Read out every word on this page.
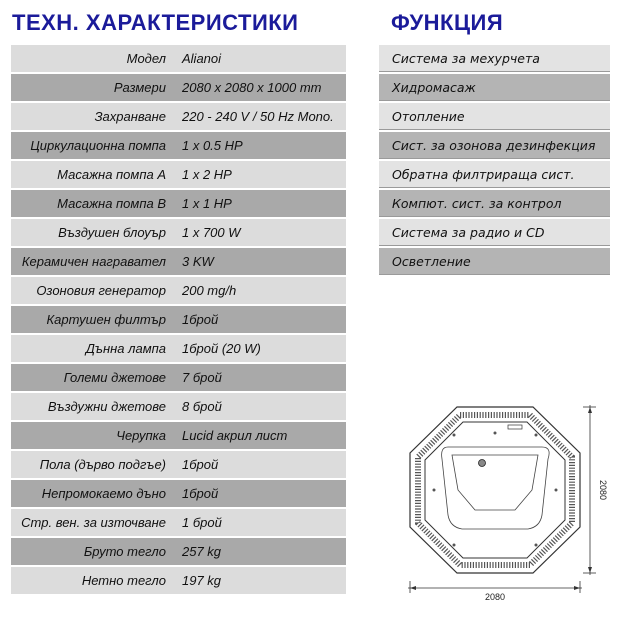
ТЕХН. ХАРАКТЕРИСТИКИ	ФУНКЦИЯ
Модел	Alianoi
Размери	2080 x 2080 x 1000 mm
Захранване	220 - 240 V / 50 Hz Mono.
Циркулационна помпа	1 x 0.5 HP
Масажна помпа А	1 x 2 HP
Масажна помпа В	1 x 1 HP
Въздушен блоуър	1 x 700 W
Керамичен награвател	3 KW
Озоновия генератор	200 mg/h
Картушен филтър	1брой
Дънна лампа	1брой (20 W)
Големи джетове	7 брой
Въздужни джетове	8 брой
Черупка	Lucid акрил лист
Пола (дърво подгъе)	1брой
Непромокаемо дъно	1брой
Стр. вен. за източване	1 брой
Бруто тегло	257 kg
Нетно тегло	197 kg
Система за мехурчета
Хидромасаж
Отопление
Сист. за озонова дезинфекция
Обратна филтрираща сист.
Компют. сист. за контрол
Система за радио и CD
Осветление
2080
2080
